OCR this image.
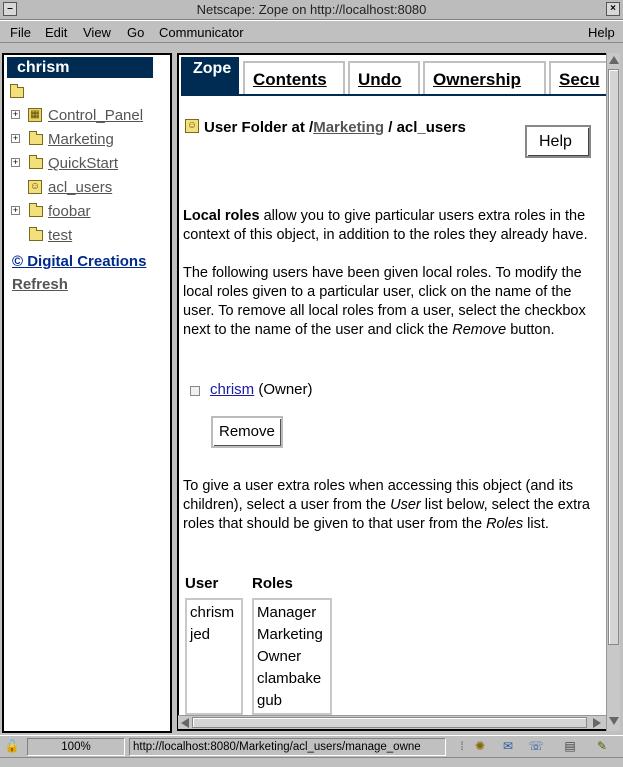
–	Netscape: Zope on http://localhost:8080	×
File Edit View Go Communicator	Help
chrism
+ ▦ Control_Panel
+ Marketing
+ QuickStart
☺ acl_users
+ foobar
test
© Digital Creations
Refresh
Zope
Contents	Undo	Ownership	Secu
☺ User Folder at /Marketing / acl_users
Help
Local roles allow you to give particular users extra roles in the context of this object, in addition to the roles they already have.
The following users have been given local roles. To modify the local roles given to a particular user, click on the name of the user. To remove all local roles from a user, select the checkbox next to the name of the user and click the Remove button.
chrism (Owner)
Remove
To give a user extra roles when accessing this object (and its children), select a user from the User list below, select the extra roles that should be given to that user from the Roles list.
User Roles
chrism
jed
Manager
Marketing
Owner
clambake
gub
🔓	100%	http://localhost:8080/Marketing/acl_users/manage_owne	⁞ ✺ ✉ ☏ ▤ ✎
